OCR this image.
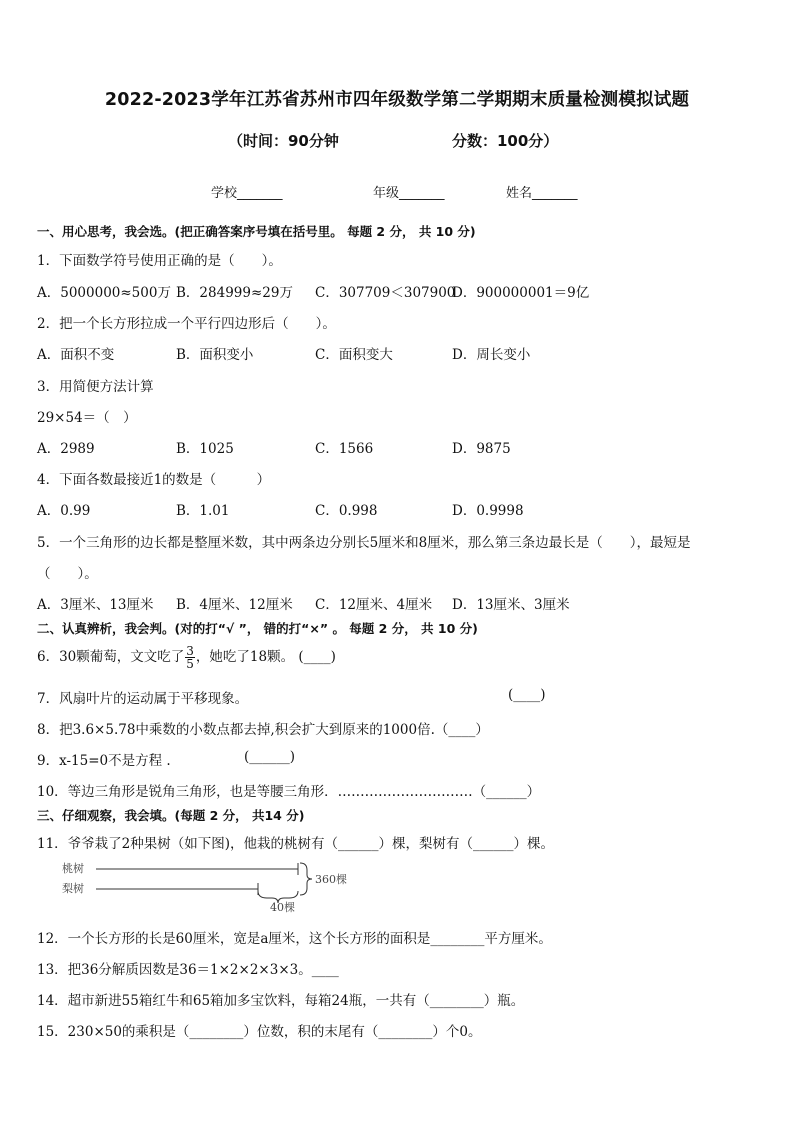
2022-2023学年江苏省苏州市四年级数学第二学期期末质量检测模拟试题
（时间：90分钟	分数：100分）
学校_______	年级_______	姓名_______
一、用心思考，我会选。(把正确答案序号填在括号里。 每题 2 分， 共 10 分)
1．下面数学符号使用正确的是（　　）。
A．5000000≈500万 B．284999≈29万 C．307709＜307900
D．900000001＝9亿
2．把一个长方形拉成一个平行四边形后（　　）。
A．面积不变	B．面积变小	C．面积变大	D．周长变小
3．用简便方法计算
29×54＝（　）
A．2989	B．1025	C．1566	D．9875
4．下面各数最接近1的数是（　　　）
A．0.99	B．1.01	C．0.998	D．0.9998
5．一个三角形的边长都是整厘米数，其中两条边分别长5厘米和8厘米，那么第三条边最长是（　　），最短是
（　　）。
A．3厘米、13厘米 B．4厘米、12厘米 C．12厘米、4厘米 D．13厘米、3厘米
二、认真辨析，我会判。(对的打“√ ”， 错的打“×” 。 每题 2 分， 共 10 分)
6．30颗葡萄，文文吃了 $\frac{3}{5}$ ，她吃了18颗。 (____)
7．风扇叶片的运动属于平移现象。	(____)
8．把3.6×5.78中乘数的小数点都去掉,积会扩大到原来的1000倍.（____）
9．x-15=0不是方程 .	(______)
10．等边三角形是锐角三角形，也是等腰三角形．…………………………（______）
三、仔细观察，我会填。(每题 2 分， 共14 分)
11．爷爷栽了2种果树（如下图)，他栽的桃树有（______）棵，梨树有（______）棵。
桃树
梨树
40棵
360棵
12．一个长方形的长是60厘米，宽是a厘米，这个长方形的面积是________平方厘米。
13．把36分解质因数是36＝1×2×2×3×3。____
14．超市新进55箱红牛和65箱加多宝饮料，每箱24瓶，一共有（________）瓶。
15．230×50的乘积是（________）位数，积的末尾有（________）个0。
